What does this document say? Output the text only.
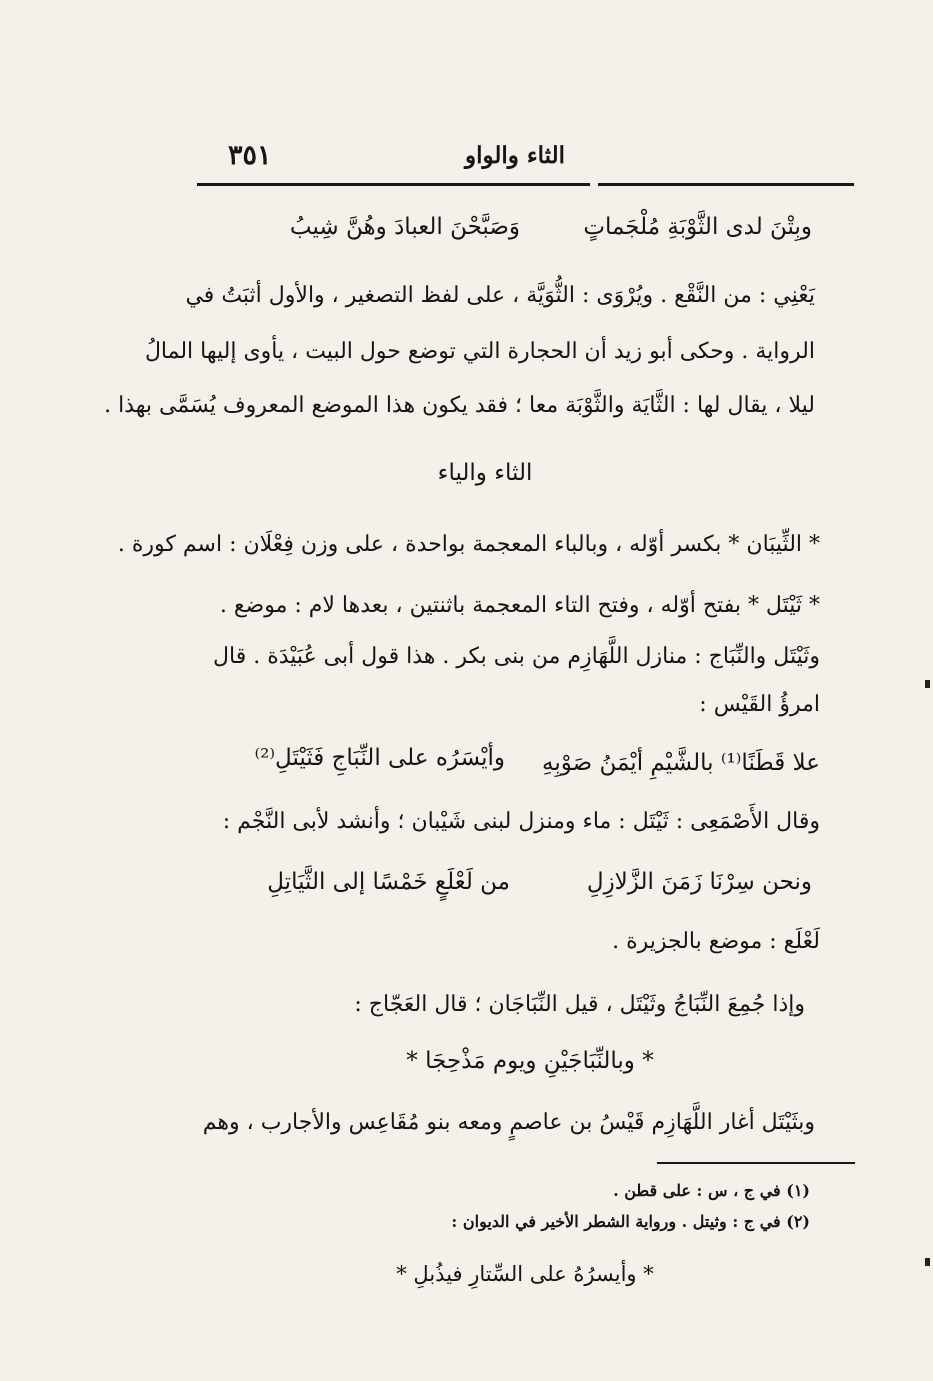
٣٥١	الثاء والواو
وبِتْنَ لدى الثَّوْبَةِ مُلْجَماتٍ
وَصَبَّحْنَ العبادَ وهُنَّ شِيبُ
يَعْنِي : من النَّقْع . ويُرْوَى : الثُّوَيَّة ، على لفظ التصغير ، والأول أثبَتُ في
الرواية . وحكى أبو زيد أن الحجارة التي توضع حول البيت ، يأوى إليها المالُ
ليلا ، يقال لها : الثَّايَة والثَّوْبَة معا ؛ فقد يكون هذا الموضع المعروف يُسَمَّى بهذا .
الثاء والياء
* الثِّيبَان * بكسر أوّله ، وبالباء المعجمة بواحدة ، على وزن فِعْلَان : اسم كورة .
* ثَيْتَل * بفتح أوّله ، وفتح التاء المعجمة باثنتين ، بعدها لام : موضع .
وثَيْتَل والنِّبَاج : منازل اللَّهَازِم من بنى بكر . هذا قول أبى عُبَيْدَة . قال
امرؤُ القَيْس :
علا قَطَنًا⁽¹⁾ بالشَّيْمِ أيْمَنُ صَوْبِهِ
وأيْسَرُه على النِّبَاجِ فَثَيْتَلِ⁽²⁾
وقال الأَصْمَعِى : ثَيْتَل : ماء ومنزل لبنى شَيْبان ؛ وأنشد لأبى النَّجْم :
ونحن سِرْنَا زَمَنَ الزَّلازِلِ
من لَعْلَعٍ خَمْسًا إلى الثَّيَاتِلِ
لَعْلَع : موضع بالجزيرة .
وإذا جُمِعَ النِّبَاجُ وثَيْتَل ، قيل النِّبَاجَان ؛ قال العَجّاج :
* وبالنِّبَاجَيْنِ ويوم مَذْحِجَا *
وبثَيْتَل أغار اللَّهَازِم قَيْسُ بن عاصمٍ ومعه بنو مُقَاعِس والأجارب ، وهم
(١) في ج ، س : على قطن .
(٢) في ج : وثيتل . ورواية الشطر الأخير في الديوان :
* وأيسرُهُ على السِّتارِ فيذُبلِ *
